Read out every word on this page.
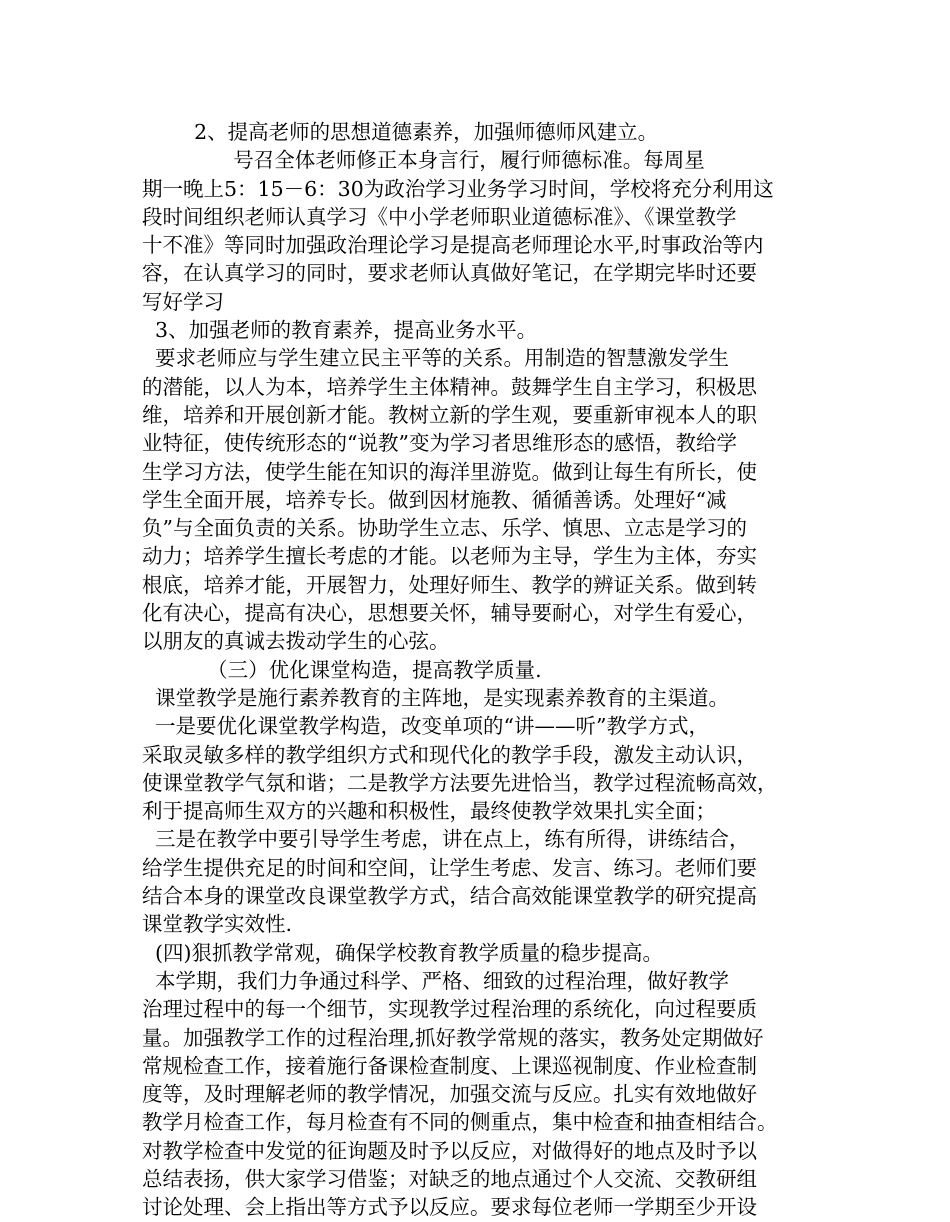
2、提高老师的思想道德素养，加强师德师风建立。
号召全体老师修正本身言行，履行师德标准。每周星
期一晚上5：15－6：30为政治学习业务学习时间，学校将充分利用这
段时间组织老师认真学习《中小学老师职业道德标准》、《课堂教学
十不准》等同时加强政治理论学习是提高老师理论水平,时事政治等内
容，在认真学习的同时，要求老师认真做好笔记，在学期完毕时还要
写好学习
3、加强老师的教育素养，提高业务水平。
要求老师应与学生建立民主平等的关系。用制造的智慧激发学生
的潜能，以人为本，培养学生主体精神。鼓舞学生自主学习，积极思
维，培养和开展创新才能。教树立新的学生观，要重新审视本人的职
业特征，使传统形态的“说教”变为学习者思维形态的感悟，教给学
生学习方法，使学生能在知识的海洋里游览。做到让每生有所长，使
学生全面开展，培养专长。做到因材施教、循循善诱。处理好“减
负”与全面负责的关系。协助学生立志、乐学、慎思、立志是学习的
动力；培养学生擅长考虑的才能。以老师为主导，学生为主体，夯实
根底，培养才能，开展智力，处理好师生、教学的辨证关系。做到转
化有决心，提高有决心，思想要关怀，辅导要耐心，对学生有爱心，
以朋友的真诚去拨动学生的心弦。
（三）优化课堂构造，提高教学质量.
课堂教学是施行素养教育的主阵地，是实现素养教育的主渠道。
一是要优化课堂教学构造，改变单项的“讲——听”教学方式，
采取灵敏多样的教学组织方式和现代化的教学手段，激发主动认识，
使课堂教学气氛和谐；二是教学方法要先进恰当，教学过程流畅高效，
利于提高师生双方的兴趣和积极性，最终使教学效果扎实全面；
三是在教学中要引导学生考虑，讲在点上，练有所得，讲练结合，
给学生提供充足的时间和空间，让学生考虑、发言、练习。老师们要
结合本身的课堂改良课堂教学方式，结合高效能课堂教学的研究提高
课堂教学实效性.
(四)狠抓教学常观，确保学校教育教学质量的稳步提高。
本学期，我们力争通过科学、严格、细致的过程治理，做好教学
治理过程中的每一个细节，实现教学过程治理的系统化，向过程要质
量。加强教学工作的过程治理,抓好教学常规的落实，教务处定期做好
常规检查工作，接着施行备课检查制度、上课巡视制度、作业检查制
度等，及时理解老师的教学情况，加强交流与反应。扎实有效地做好
教学月检查工作，每月检查有不同的侧重点，集中检查和抽查相结合。
对教学检查中发觉的征询题及时予以反应，对做得好的地点及时予以
总结表扬，供大家学习借鉴；对缺乏的地点通过个人交流、交教研组
讨论处理、会上指出等方式予以反应。要求每位老师一学期至少开设
